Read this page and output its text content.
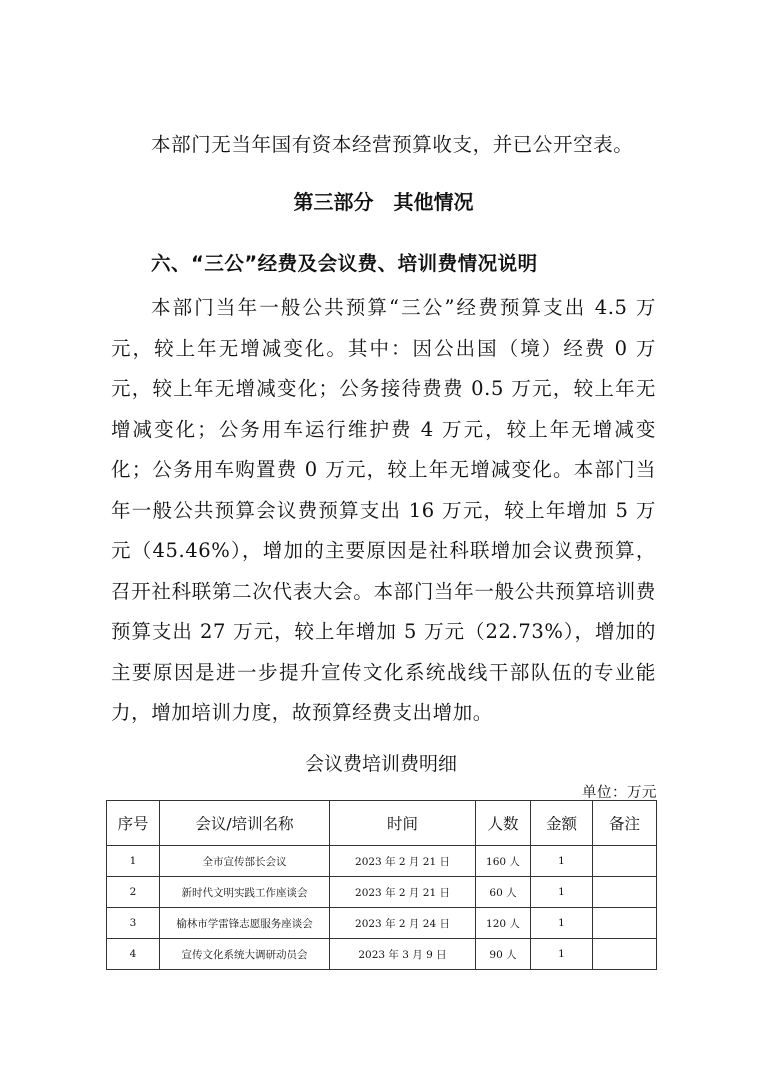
本部门无当年国有资本经营预算收支，并已公开空表。

第三部分　其他情况
六、“三公”经费及会议费、培训费情况说明

本部门当年一般公共预算“三公”经费预算支出 4.5 万元，较上年无增减变化。其中：因公出国（境）经费 0 万元，较上年无增减变化；公务接待费费 0.5 万元，较上年无增减变化；公务用车运行维护费 4 万元，较上年无增减变化；公务用车购置费 0 万元，较上年无增减变化。本部门当年一般公共预算会议费预算支出 16 万元，较上年增加 5 万元（45.46%），增加的主要原因是社科联增加会议费预算，召开社科联第二次代表大会。本部门当年一般公共预算培训费预算支出 27 万元，较上年增加 5 万元（22.73%），增加的主要原因是进一步提升宣传文化系统战线干部队伍的专业能力，增加培训力度，故预算经费支出增加。

会议费培训费明细
单位：万元
序号	会议/培训名称	时间	人数	金额	备注
1	全市宣传部长会议	2023 年 2 月 21 日	160 人	1	
2	新时代文明实践工作座谈会	2023 年 2 月 21 日	60 人	1	
3	榆林市学雷锋志愿服务座谈会	2023 年 2 月 24 日	120 人	1	
4	宣传文化系统大调研动员会	2023 年 3 月 9 日	90 人	1	
